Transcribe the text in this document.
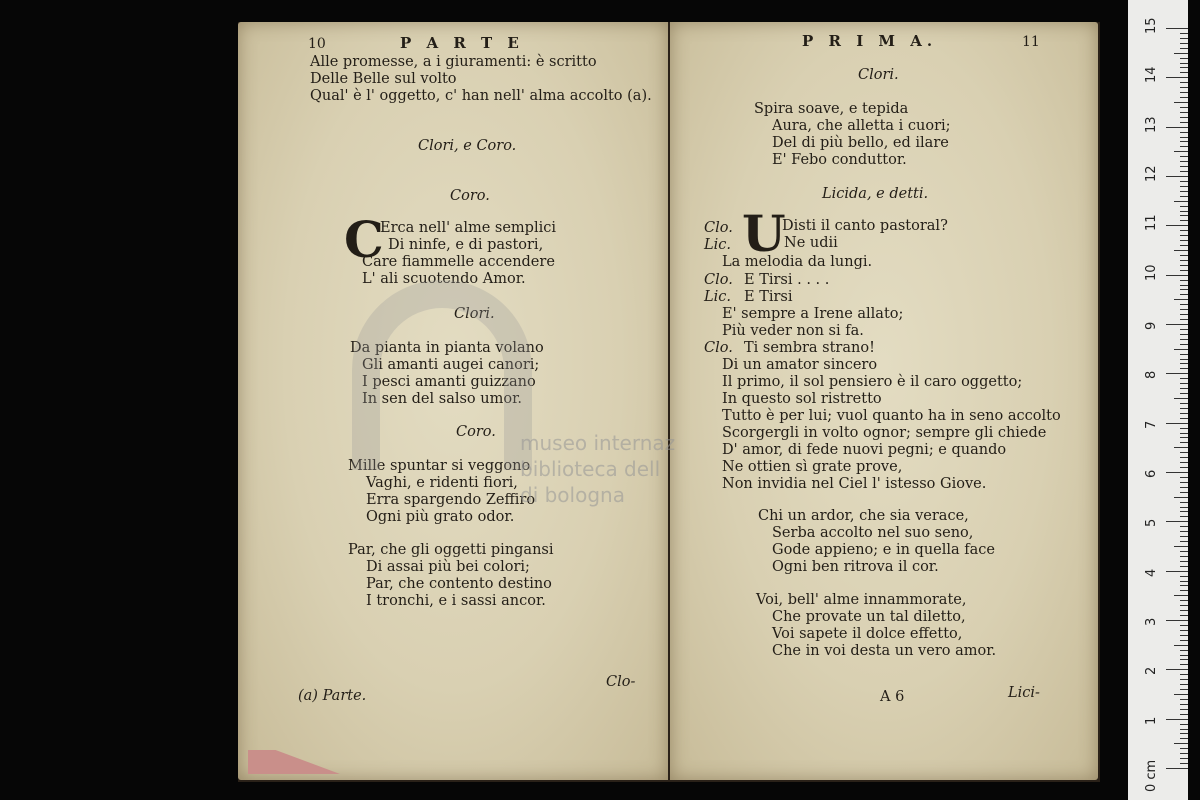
10	P A R T E
Alle promesse, a i giuramenti: è scritto
Delle Belle sul volto
Qual' è l' oggetto, c' han nell' alma accolto (a).
Clori, e Coro.
Coro.
C
Erca nell' alme semplici
Di ninfe, e di pastori,
Care fiammelle accendere
L' ali scuotendo Amor.
Clori.
Da pianta in pianta volano
Gli amanti augei canori;
I pesci amanti guizzano
In sen del salso umor.
Coro.
Mille spuntar si veggono
Vaghi, e ridenti fiori,
Erra spargendo Zeffiro
Ogni più grato odor.
Par, che gli oggetti pingansi
Di assai più bei colori;
Par, che contento destino
I tronchi, e i sassi ancor.
Clo-
(a) Parte.
P R I M A.	11
Clori.
Spira soave, e tepida
Aura, che alletta i cuori;
Del di più bello, ed ilare
E' Febo conduttor.
Licida, e detti.
U
Clo.	Disti il canto pastoral?
Lic.	Ne udii
La melodia da lungi.
Clo. E Tirsi . . . .
Lic. E Tirsi
E' sempre a Irene allato;
Più veder non si fa.
Clo. Ti sembra strano!
Di un amator sincero
Il primo, il sol pensiero è il caro oggetto;
In questo sol ristretto
Tutto è per lui; vuol quanto ha in seno accolto
Scorgergli in volto ognor; sempre gli chiede
D' amor, di fede nuovi pegni; e quando
Ne ottien sì grate prove,
Non invidia nel Ciel l' istesso Giove.
Chi un ardor, che sia verace,
Serba accolto nel suo seno,
Gode appieno; e in quella face
Ogni ben ritrova il cor.
Voi, bell' alme innammorate,
Che provate un tal diletto,
Voi sapete il dolce effetto,
Che in voi desta un vero amor.
A 6	Lici-
museo internaz
biblioteca dell
di bologna
0 cm
1
2
3
4
5
6
7
8
9
10
11
12
13
14
15
